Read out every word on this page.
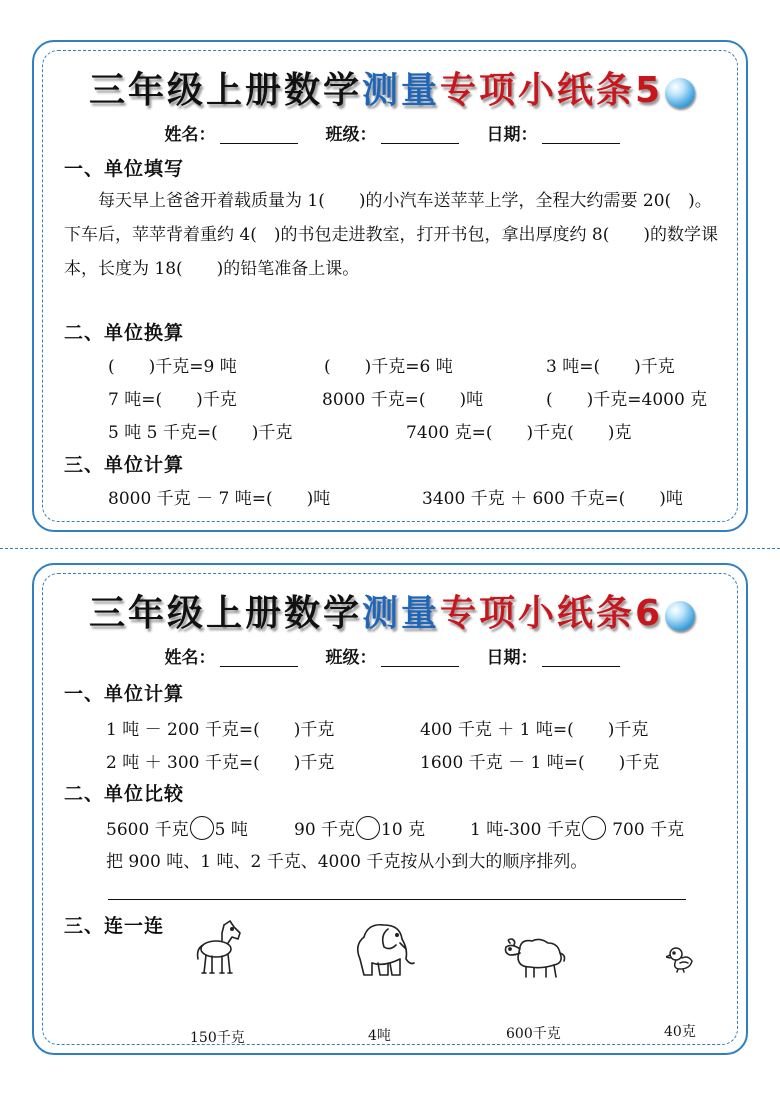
三年级上册数学测量专项小纸条5
姓名：	班级：	日期：
一、单位填写
每天早上爸爸开着载质量为 1(　　)的小汽车送苹苹上学，全程大约需要 20(　)。下车后，苹苹背着重约 4(　)的书包走进教室，打开书包，拿出厚度约 8(　　)的数学课本，长度为 18(　　)的铅笔准备上课。
二、单位换算
(　　)千克=9 吨	(　　)千克=6 吨	3 吨=(　　)千克
7 吨=(　　)千克	8000 千克=(　　)吨	(　　)千克=4000 克
5 吨 5 千克=(　　)千克	7400 克=(　　)千克(　　)克
三、单位计算
8000 千克 － 7 吨=(　　)吨	3400 千克 ＋ 600 千克=(　　)吨
三年级上册数学测量专项小纸条6
姓名：	班级：	日期：
一、单位计算
1 吨 － 200 千克=(　　)千克	400 千克 ＋ 1 吨=(　　)千克
2 吨 ＋ 300 千克=(　　)千克	1600 千克 － 1 吨=(　　)千克
二、单位比较
5600 千克 5 吨	90 千克 10 克	1 吨-300 千克 700 千克
把 900 吨、1 吨、2 千克、4000 千克按从小到大的顺序排列。
三、连一连
150千克	4吨	600千克	40克
